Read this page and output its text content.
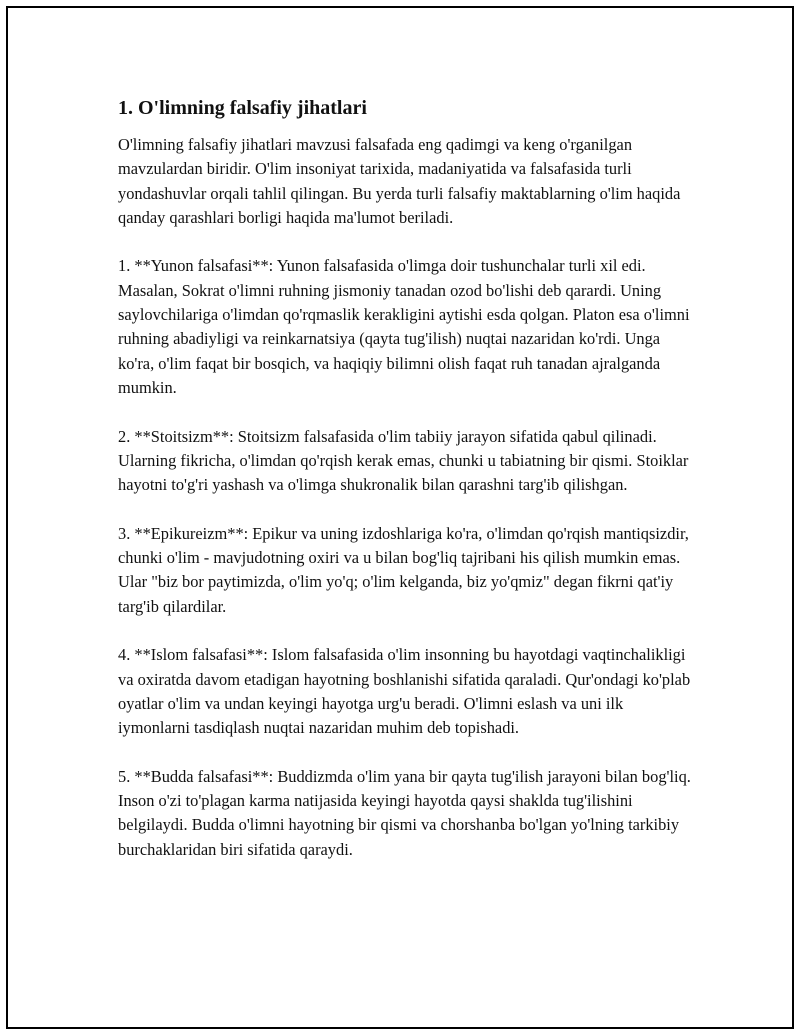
1. O'limning falsafiy jihatlari

O'limning falsafiy jihatlari mavzusi falsafada eng qadimgi va keng o'rganilgan mavzulardan biridir. O'lim insoniyat tarixida, madaniyatida va falsafasida turli yondashuvlar orqali tahlil qilingan. Bu yerda turli falsafiy maktablarning o'lim haqida qanday qarashlari borligi haqida ma'lumot beriladi.

1. **Yunon falsafasi**: Yunon falsafasida o'limga doir tushunchalar turli xil edi. Masalan, Sokrat o'limni ruhning jismoniy tanadan ozod bo'lishi deb qarardi. Uning saylovchilariga o'limdan qo'rqmaslik kerakligini aytishi esda qolgan. Platon esa o'limni ruhning abadiyligi va reinkarnatsiya (qayta tug'ilish) nuqtai nazaridan ko'rdi. Unga ko'ra, o'lim faqat bir bosqich, va haqiqiy bilimni olish faqat ruh tanadan ajralganda mumkin.

2. **Stoitsizm**: Stoitsizm falsafasida o'lim tabiiy jarayon sifatida qabul qilinadi. Ularning fikricha, o'limdan qo'rqish kerak emas, chunki u tabiatning bir qismi. Stoiklar hayotni to'g'ri yashash va o'limga shukronalik bilan qarashni targ'ib qilishgan.

3. **Epikureizm**: Epikur va uning izdoshlariga ko'ra, o'limdan qo'rqish mantiqsizdir, chunki o'lim - mavjudotning oxiri va u bilan bog'liq tajribani his qilish mumkin emas. Ular "biz bor paytimizda, o'lim yo'q; o'lim kelganda, biz yo'qmiz" degan fikrni qat'iy targ'ib qilardilar.

4. **Islom falsafasi**: Islom falsafasida o'lim insonning bu hayotdagi vaqtinchalikligi va oxiratda davom etadigan hayotning boshlanishi sifatida qaraladi. Qur'ondagi ko'plab oyatlar o'lim va undan keyingi hayotga urg'u beradi. O'limni eslash va uni ilk iymonlarni tasdiqlash nuqtai nazaridan muhim deb topishadi.

5. **Budda falsafasi**: Buddizmda o'lim yana bir qayta tug'ilish jarayoni bilan bog'liq. Inson o'zi to'plagan karma natijasida keyingi hayotda qaysi shaklda tug'ilishini belgilaydi. Budda o'limni hayotning bir qismi va chorshanba bo'lgan yo'lning tarkibiy burchaklaridan biri sifatida qaraydi.
